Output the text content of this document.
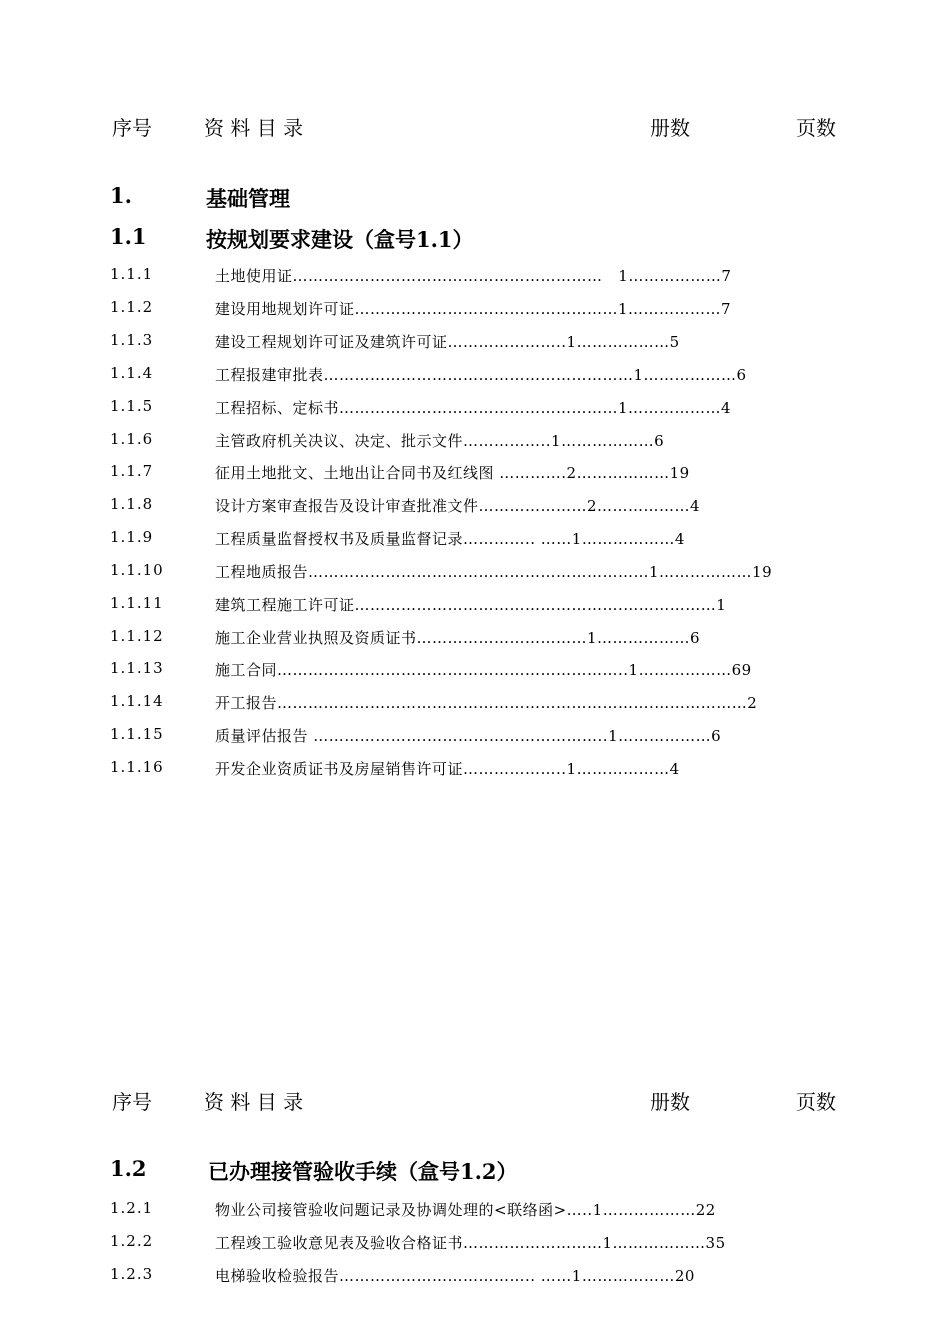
序号	资 料 目 录	册数	页数
1.	基础管理
1.1	按规划要求建设（盒号1.1）
1.1.1	土地使用证……………………………………………………   1………………7
1.1.2	建设用地规划许可证……………………………………………1………………7
1.1.3	建设工程规划许可证及建筑许可证…………………..1………………5
1.1.4	工程报建审批表……………………………………………………1………………6
1.1.5	工程招标、定标书………………………………………………1………………4
1.1.6	主管政府机关决议、决定、批示文件……………..1………………6
1.1.7	征用土地批文、土地出让合同书及红线图 ………….2………………19
1.1.8	设计方案审查报告及设计审查批准文件…………………2………………4
1.1.9	工程质量监督授权书及质量监督记录………….. ……1………………4
1.1.10	工程地质报告…………………………………………………………1………………19
1.1.11	建筑工程施工许可证…………………………………………….………………1
1.1.12	施工企业营业执照及资质证书……………………………1………………6
1.1.13	施工合同…………………………………………………………..1………………69
1.1.14	开工报告……………………………………………………………….………………2
1.1.15	质量评估报告 ………………….……………………………..1………………6
1.1.16	开发企业资质证书及房屋销售许可证………………..1………………4
序号	资 料 目 录	册数	页数
1.2	已办理接管验收手续（盒号1.2）
1.2.1	物业公司接管验收问题记录及协调处理的<联络函>…..1………………22
1.2.2	工程竣工验收意见表及验收合格证书………………………1………………35
1.2.3	电梯验收检验报告……………………………….. ……1………………20
